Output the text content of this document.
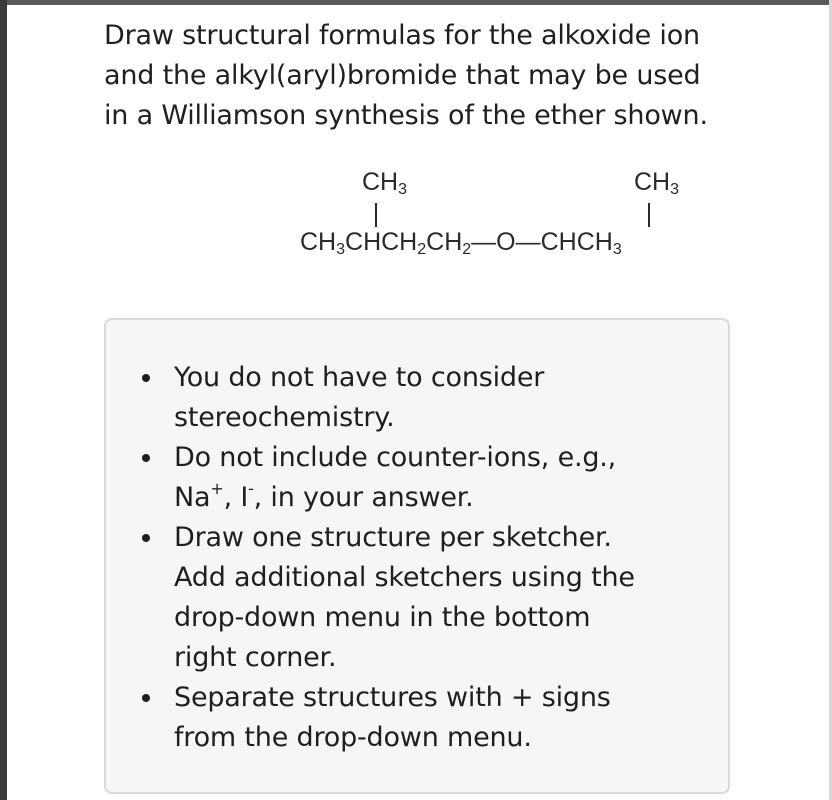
Draw structural formulas for the alkoxide ion
and the alkyl(aryl)bromide that may be used
in a Williamson synthesis of the ether shown.
$CH_3$	$CH_3$
$CH_3CHCH_2CH_2—O—CHCH_3$
You do not have to consider
stereochemistry.
Do not include counter-ions, e.g.,
Na+, I-, in your answer.
Draw one structure per sketcher.
Add additional sketchers using the
drop-down menu in the bottom
right corner.
Separate structures with + signs
from the drop-down menu.
